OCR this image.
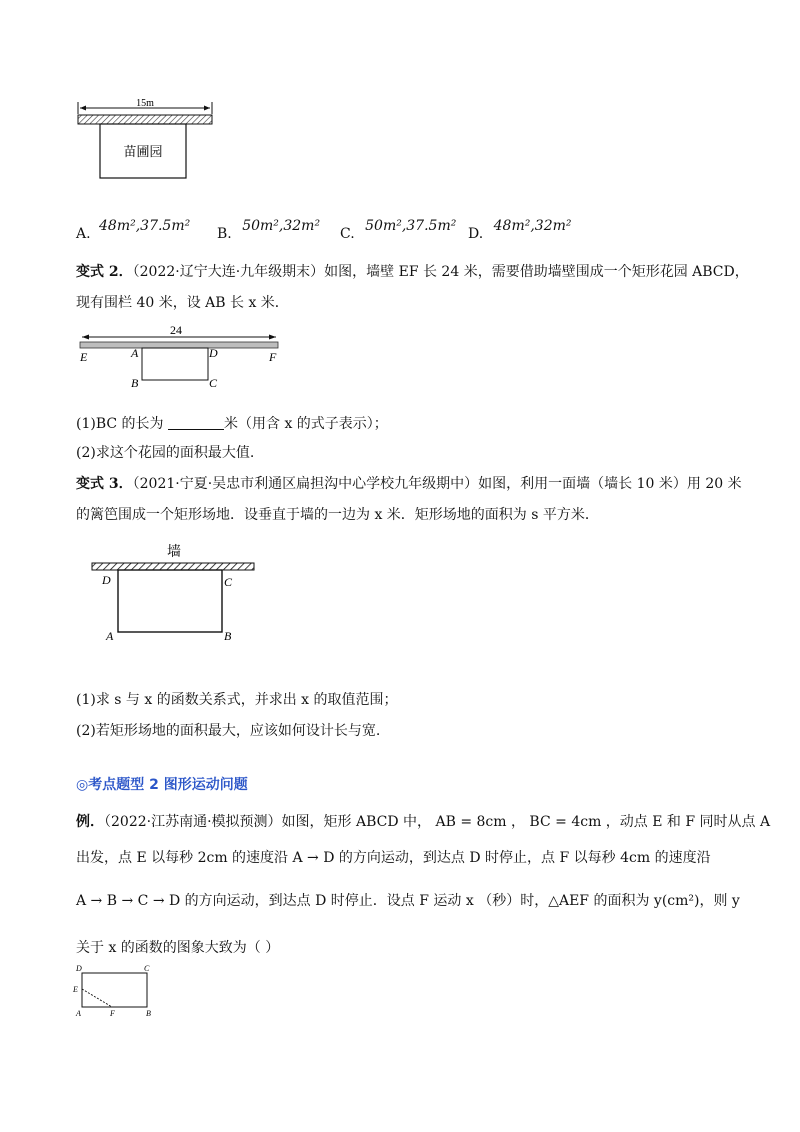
15m
苗圃园
A. 48m²,37.5m² B. 50m²,32m² C. 50m²,37.5m² D. 48m²,32m²
变式 2．（2022·辽宁大连·九年级期末）如图，墙壁 EF 长 24 米，需要借助墙壁围成一个矩形花园 ABCD，
现有围栏 40 米，设 AB 长 x 米．
24
E	A	D	F
B	C
(1)BC 的长为	米（用含 x 的式子表示）；
(2)求这个花园的面积最大值.
变式 3．（2021·宁夏·吴忠市利通区扁担沟中心学校九年级期中）如图，利用一面墙（墙长 10 米）用 20 米
的篱笆围成一个矩形场地．设垂直于墙的一边为 x 米．矩形场地的面积为 s 平方米．
墙
D	C
A	B
(1)求 s 与 x 的函数关系式，并求出 x 的取值范围；
(2)若矩形场地的面积最大，应该如何设计长与宽.
◎考点题型 2 图形运动问题
例．（2022·江苏南通·模拟预测）如图，矩形 ABCD 中， AB = 8cm ， BC = 4cm ，动点 E 和 F 同时从点 A
出发，点 E 以每秒 2cm 的速度沿 A → D 的方向运动，到达点 D 时停止，点 F 以每秒 4cm 的速度沿
A → B → C → D 的方向运动，到达点 D 时停止．设点 F 运动 x （秒）时，△AEF 的面积为 y(cm²)，则 y
关于 x 的函数的图象大致为（ ）
D	C
E
A	F	B
